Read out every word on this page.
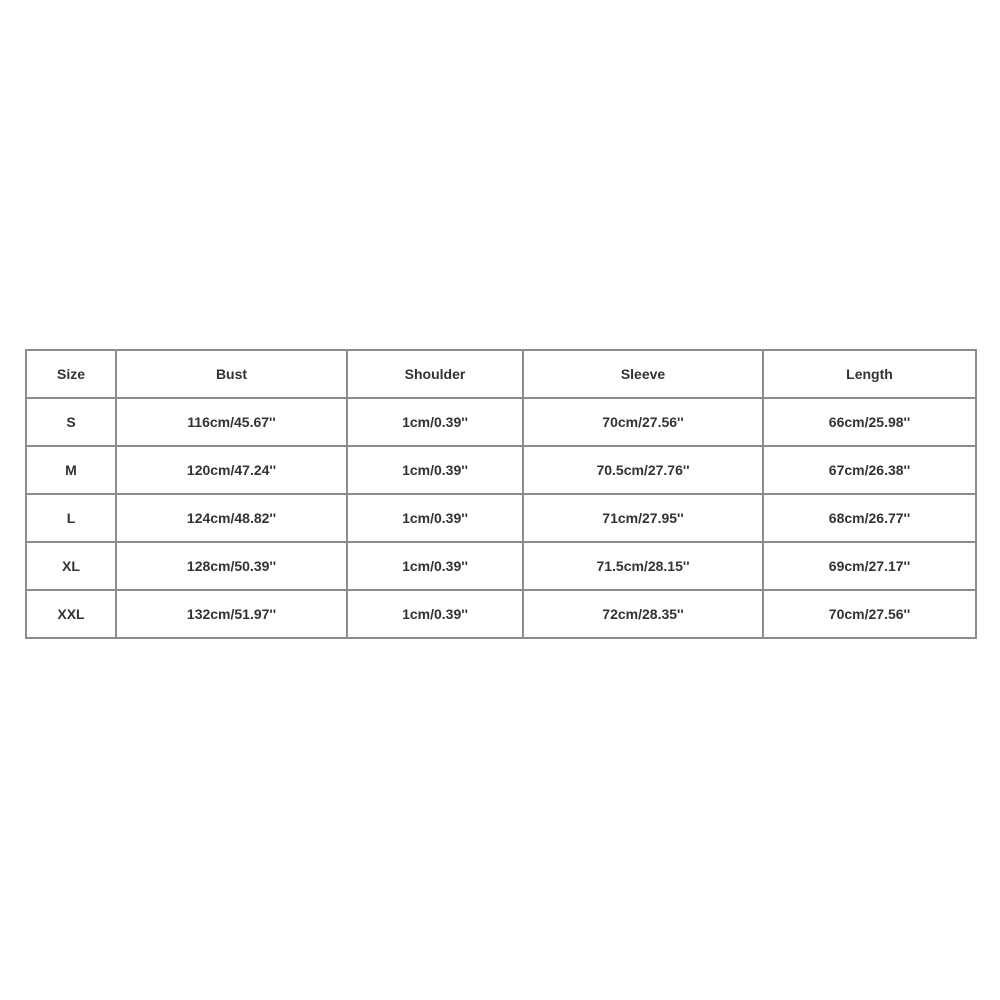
Size	Bust	Shoulder	Sleeve	Length
S	116cm/45.67''	1cm/0.39''	70cm/27.56''	66cm/25.98''
M	120cm/47.24''	1cm/0.39''	70.5cm/27.76''	67cm/26.38''
L	124cm/48.82''	1cm/0.39''	71cm/27.95''	68cm/26.77''
XL	128cm/50.39''	1cm/0.39''	71.5cm/28.15''	69cm/27.17''
XXL	132cm/51.97''	1cm/0.39''	72cm/28.35''	70cm/27.56''
